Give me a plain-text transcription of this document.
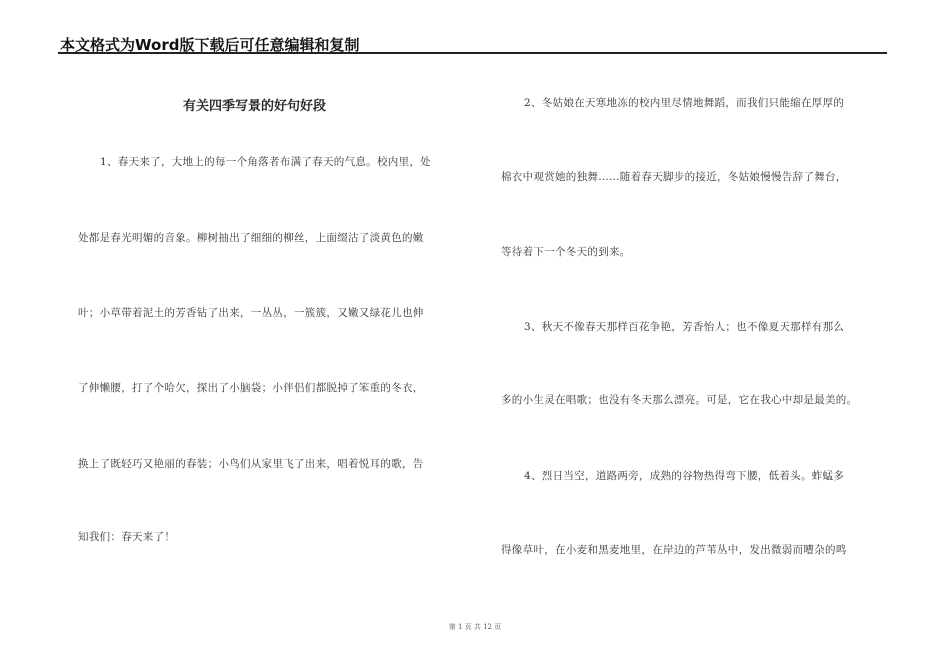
本文格式为Word版下载后可任意编辑和复制
有关四季写景的好句好段
1、春天来了，大地上的每一个角落者布满了春天的气息。校内里，处
处都是春光明媚的音象。柳树抽出了细细的柳丝，上面缀沽了淡黄色的嫩
叶；小草带着泥土的芳香钻了出来，一丛丛，一簇簇，又嫩又绿花儿也伸
了伸懒腰，打了个哈欠，探出了小脑袋；小伴侣们都脱掉了笨重的冬衣，
换上了既轻巧又艳丽的春装；小鸟们从家里飞了出来，唱着悦耳的歌，告
知我们：春天来了！
2、冬姑娘在天寒地冻的校内里尽情地舞蹈，而我们只能缩在厚厚的
棉衣中观赏她的独舞……随着春天脚步的接近，冬姑娘慢慢告辞了舞台，
等待着下一个冬天的到来。
3、秋天不像春天那样百花争艳，芳香怡人；也不像夏天那样有那么
多的小生灵在唱歌；也没有冬天那么漂亮。可是，它在我心中却是最美的。
4、烈日当空，道路两旁，成熟的谷物热得弯下腰，低着头。蚱蜢多
得像草叶，在小麦和黑麦地里，在岸边的芦苇丛中，发出微弱而嘈杂的鸣
第 1 页 共 12 页
